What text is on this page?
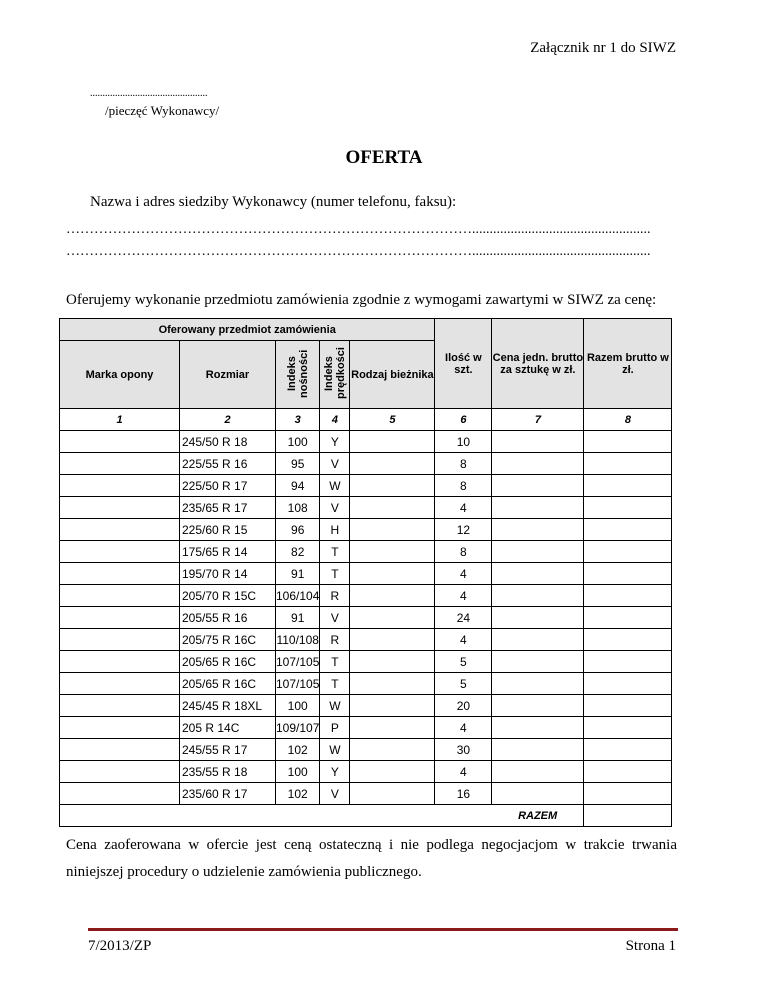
Załącznik nr 1 do SIWZ
...............................................
/pieczęć Wykonawcy/
OFERTA
Nazwa i adres siedziby Wykonawcy (numer telefonu, faksu):
……………………………………………………………………………...................................................
……………………………………………………………………………...................................................
Oferujemy wykonanie przedmiotu zamówienia zgodnie z wymogami zawartymi w SIWZ za cenę:
Oferowany przedmiot zamówienia					Ilość w szt.	Cena jedn. brutto za sztukę w zł.	Razem brutto w zł.
Marka opony	Rozmiar	Indeks nośności	Indeks prędkości	Rodzaj bieżnika			
1	2	3	4	5	6	7	8
	245/50 R 18	100	Y		10		
	225/55 R 16	95	V		8		
	225/50 R 17	94	W		8		
	235/65 R 17	108	V		4		
	225/60 R 15	96	H		12		
	175/65 R 14	82	T		8		
	195/70 R 14	91	T		4		
	205/70 R 15C	106/104	R		4		
	205/55 R 16	91	V		24		
	205/75 R 16C	110/108	R		4		
	205/65 R 16C	107/105	T		5		
	205/65 R 16C	107/105	T		5		
	245/45 R 18XL	100	W		20		
	205 R 14C	109/107	P		4		
	245/55 R 17	102	W		30		
	235/55 R 18	100	Y		4		
	235/60 R 17	102	V		16		
						RAZEM	
Cena zaoferowana w ofercie jest ceną ostateczną i nie podlega negocjacjom w trakcie trwania niniejszej procedury o udzielenie zamówienia publicznego.
7/2013/ZP	Strona 1
